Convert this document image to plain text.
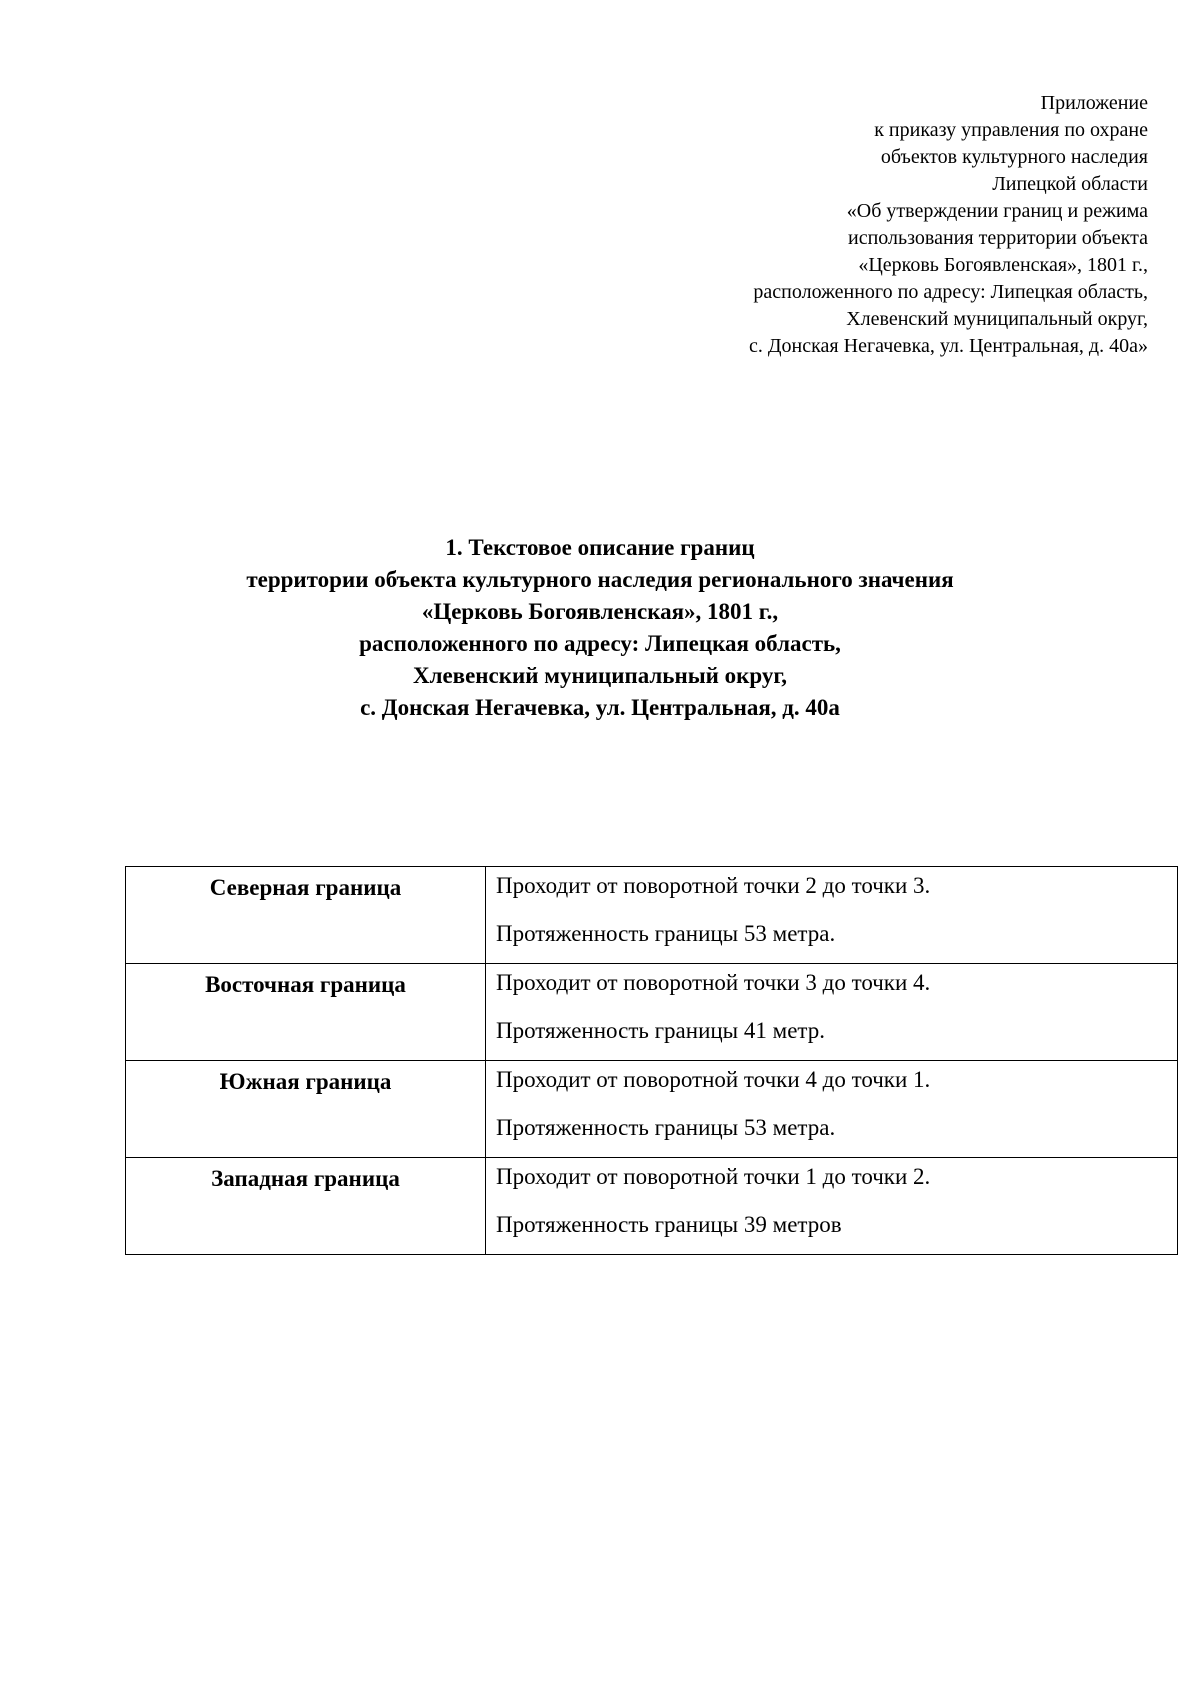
Приложение
к приказу управления по охране
объектов культурного наследия
Липецкой области
«Об утверждении границ и режима
использования территории объекта
«Церковь Богоявленская», 1801 г.,
расположенного по адресу: Липецкая область,
Хлевенский муниципальный округ,
с. Донская Негачевка, ул. Центральная, д. 40а»
1. Текстовое описание границ
территории объекта культурного наследия регионального значения
«Церковь Богоявленская», 1801 г.,
расположенного по адресу: Липецкая область,
Хлевенский муниципальный округ,
с. Донская Негачевка, ул. Центральная, д. 40а
Северная граница	Проходит от поворотной точки 2 до точки 3.
Протяженность границы 53 метра.

Восточная граница	Проходит от поворотной точки 3 до точки 4.
Протяженность границы 41 метр.

Южная граница	Проходит от поворотной точки 4 до точки 1.
Протяженность границы 53 метра.

Западная граница	Проходит от поворотной точки 1 до точки 2.
Протяженность границы 39 метров
